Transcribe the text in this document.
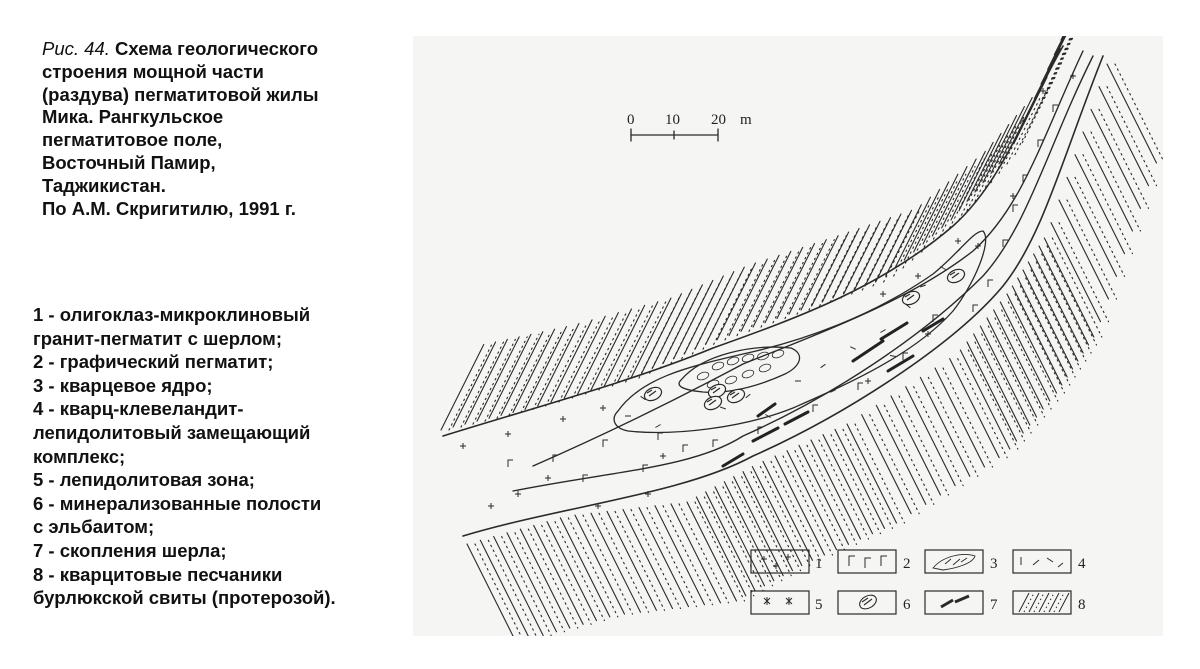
Рис. 44. Схема геологического
строения мощной части
(раздува) пегматитовой жилы
Мика. Рангкульское
пегматитовое поле,
Восточный Памир,
Таджикистан.
По А.М. Скригитилю, 1991 г.
1 - олигоклаз-микроклиновый
гранит-пегматит с шерлом;
2 - графический пегматит;
3 - кварцевое ядро;
4 - кварц-клевеландит-
лепидолитовый замещающий
комплекс;
5 - лепидолитовая зона;
6 - минерализованные полости
с эльбаитом;
7 - скопления шерла;
8 - кварцитовые песчаники
бурлюкской свиты (протерозой).
0 10 20 m
1	2	3	4
5	6	7	8
